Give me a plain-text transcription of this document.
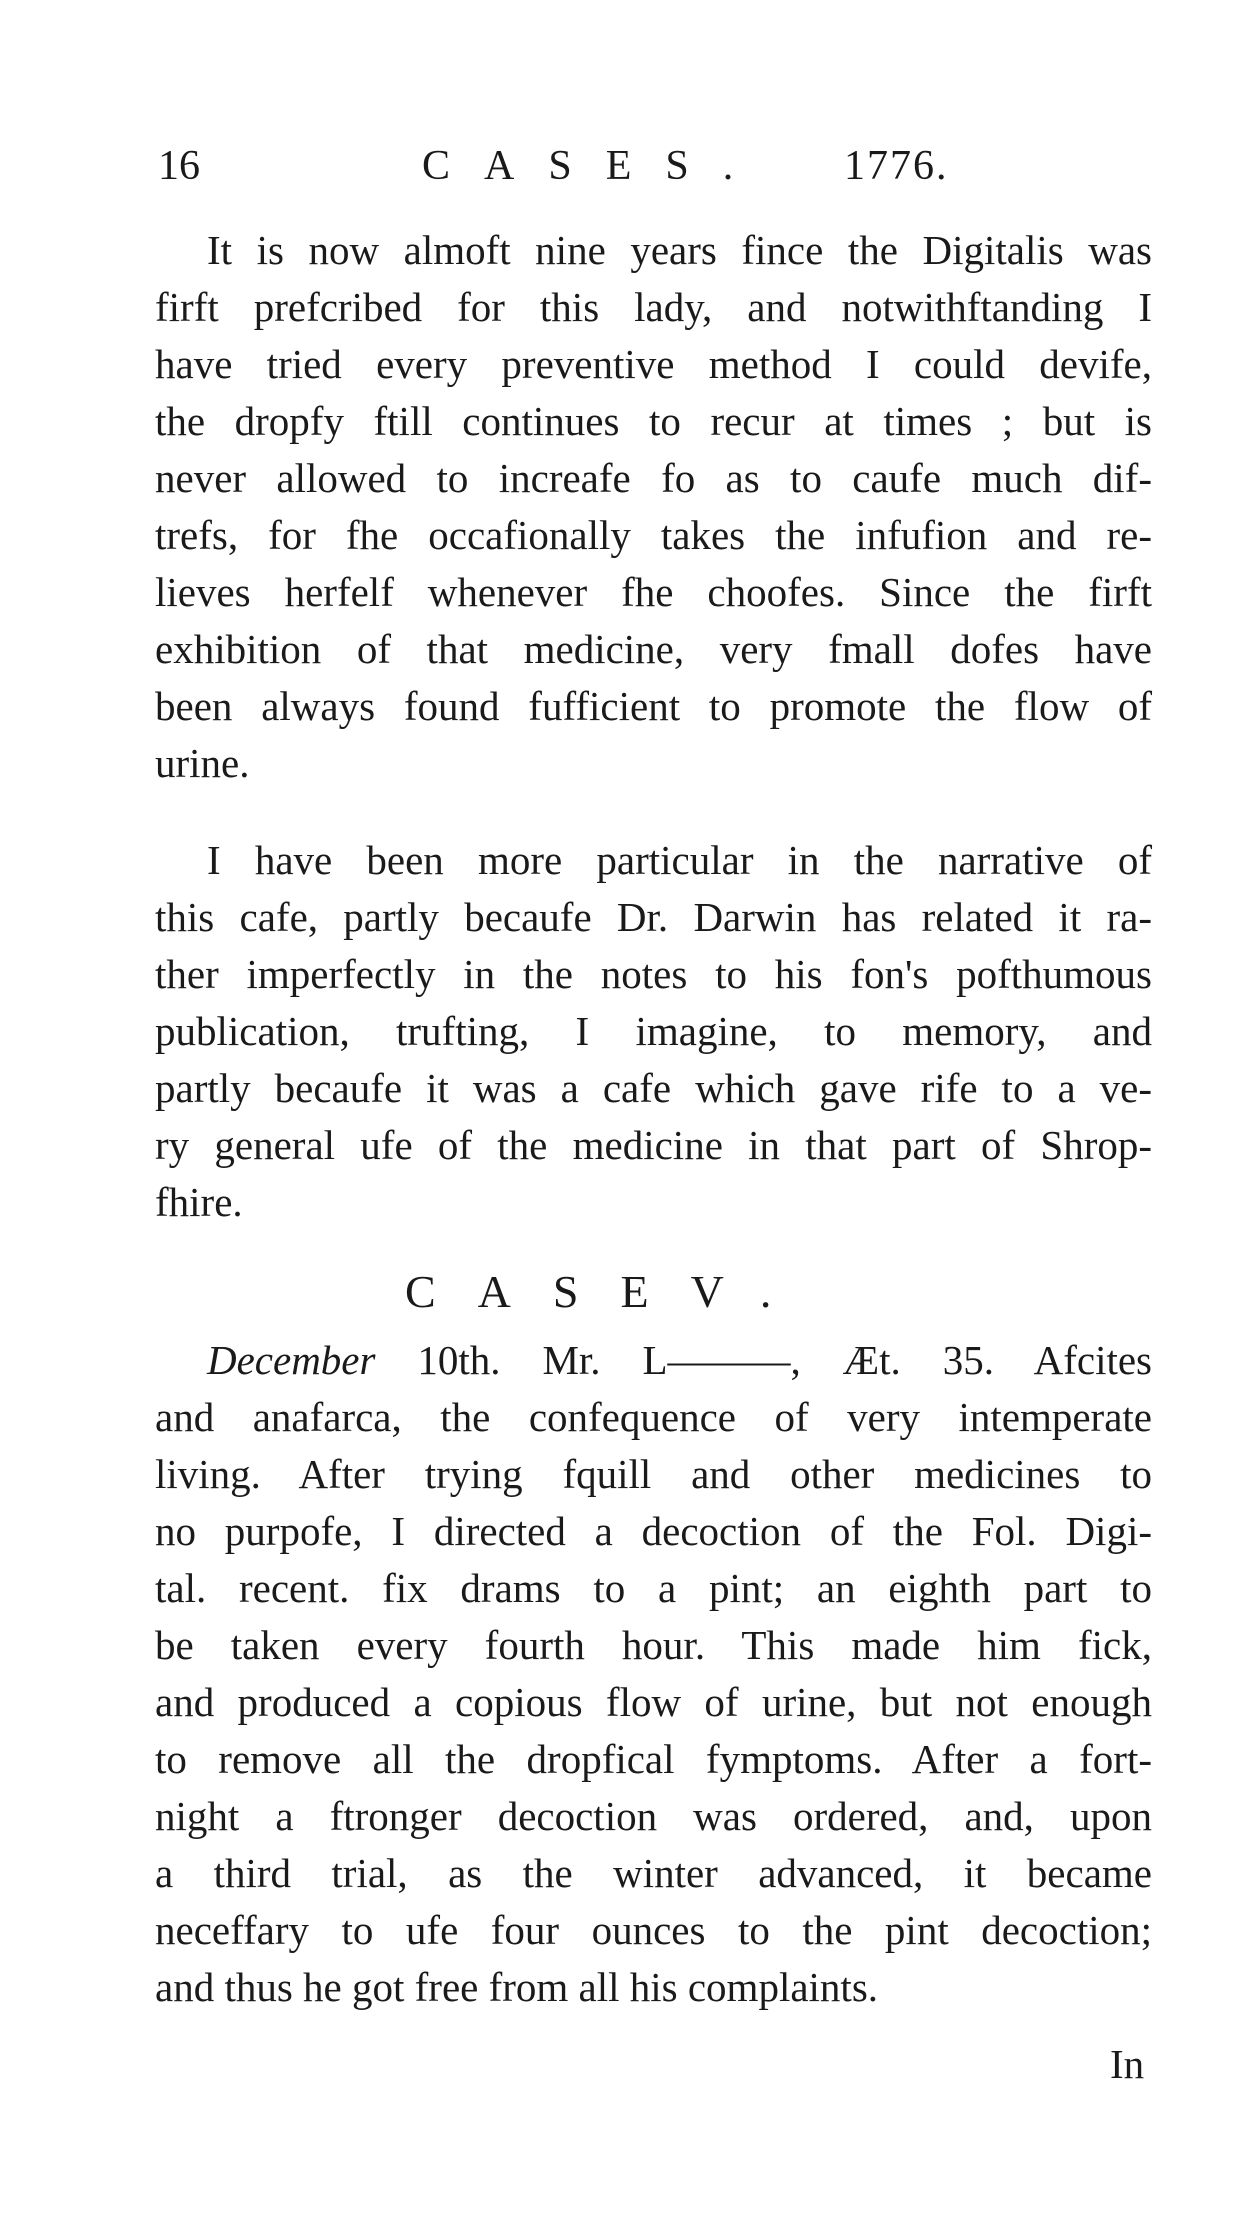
16	CASES. 1776.
It is now almoft nine years fince the Digitalis was
firft prefcribed for this lady, and notwithftanding I
have tried every preventive method I could devife,
the dropfy ftill continues to recur at times ; but is
never allowed to increafe fo as to caufe much dif-
trefs, for fhe occafionally takes the infufion and re-
lieves herfelf whenever fhe choofes. Since the firft
exhibition of that medicine, very fmall dofes have
been always found fufficient to promote the flow of
urine.
I have been more particular in the narrative of
this cafe, partly becaufe Dr. Darwin has related it ra-
ther imperfectly in the notes to his fon's pofthumous
publication, trufting, I imagine, to memory, and
partly becaufe it was a cafe which gave rife to a ve-
ry general ufe of the medicine in that part of Shrop-
fhire.
CASEV.
December 10th. Mr. L———, Æt. 35. Afcites
and anafarca, the confequence of very intemperate
living. After trying fquill and other medicines to
no purpofe, I directed a decoction of the Fol. Digi-
tal. recent. fix drams to a pint; an eighth part to
be taken every fourth hour. This made him fick,
and produced a copious flow of urine, but not enough
to remove all the dropfical fymptoms. After a fort-
night a ftronger decoction was ordered, and, upon
a third trial, as the winter advanced, it became
neceffary to ufe four ounces to the pint decoction;
and thus he got free from all his complaints.
In
